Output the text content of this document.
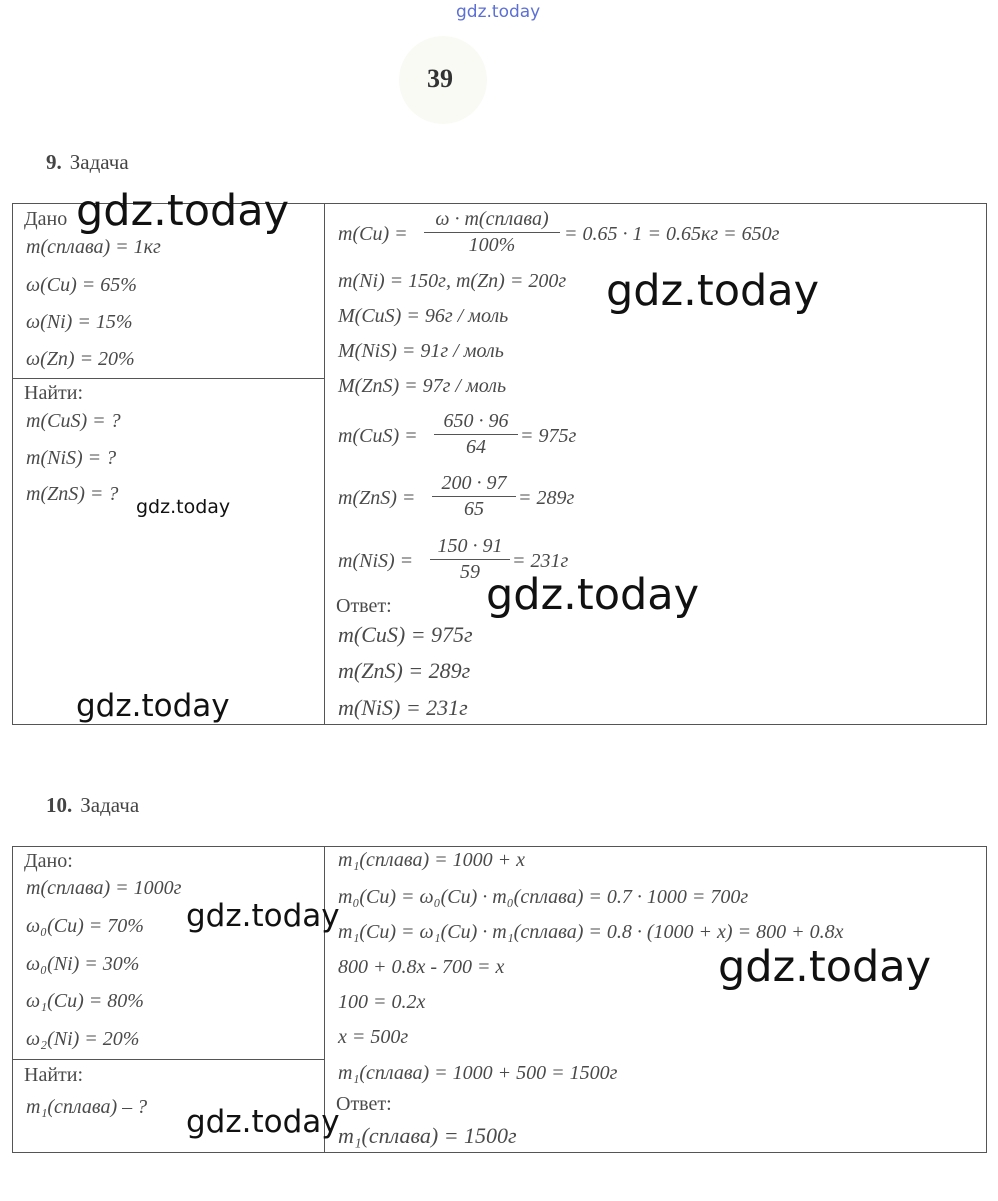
gdz.today
39
9. Задача
Дано
m(сплава) = 1кг
ω(Cu) = 65%
ω(Ni) = 15%
ω(Zn) = 20%
Найти:
m(CuS) = ?
m(NiS) = ?
m(ZnS) = ?
m(Cu) =
ω · m(сплава)
100%	= 0.65 · 1 = 0.65кг = 650г
m(Ni) = 150г, m(Zn) = 200г
M(CuS) = 96г / моль
M(NiS) = 91г / моль
M(ZnS) = 97г / моль
m(CuS) =
650 · 96
64	= 975г
m(ZnS) =
200 · 97
65	= 289г
m(NiS) =
150 · 91
59	= 231г
Ответ:
m(CuS) = 975г
m(ZnS) = 289г
m(NiS) = 231г
10. Задача
Дано:
m(сплава) = 1000г
ω₀(Cu) = 70%
ω₀(Ni) = 30%
ω₁(Cu) = 80%
ω₂(Ni) = 20%
Найти:
m₁(сплава) – ?
m₁(сплава) = 1000 + x
m₀(Cu) = ω₀(Cu) · m₀(сплава) = 0.7 · 1000 = 700г
m₁(Cu) = ω₁(Cu) · m₁(сплава) = 0.8 · (1000 + x) = 800 + 0.8x
800 + 0.8x - 700 = x
100 = 0.2x
x = 500г
m₁(сплава) = 1000 + 500 = 1500г
Ответ:
m₁(сплава) = 1500г
gdz.today
gdz.today
gdz.today
gdz.today
gdz.today
gdz.today
gdz.today
gdz.today
